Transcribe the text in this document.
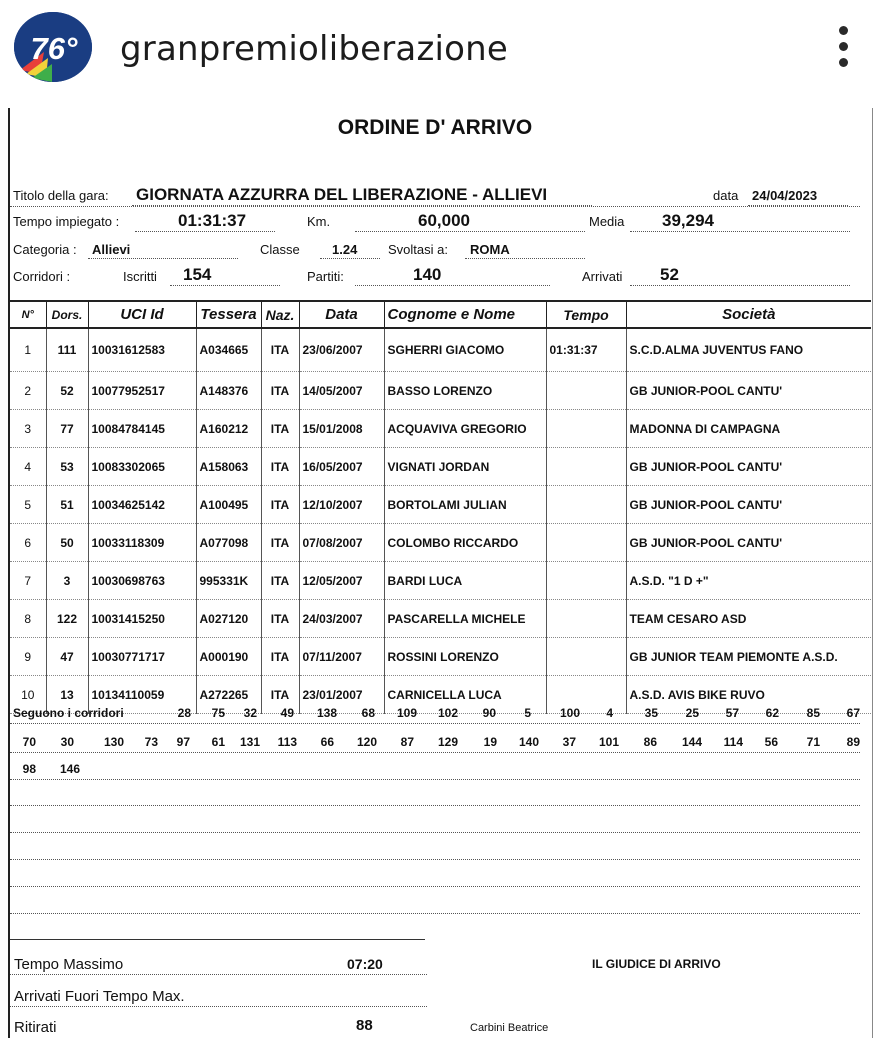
76° granpremioliberazione
ORDINE D' ARRIVO
Titolo della gara: GIORNATA AZZURRA DEL LIBERAZIONE - ALLIEVI	data 24/04/2023
Tempo impiegato :	01:31:37	Km.	60,000	Media 39,294
Categoria : Allievi	Classe 1.24 Svoltasi a: ROMA
Corridori :	Iscritti 154	Partiti:	140	Arrivati 52
N°	Dors.	UCI Id	Tessera	Naz.	Data	Cognome e Nome	Tempo	Società
1	111	10031612583	A034665	ITA	23/06/2007	SGHERRI GIACOMO	01:31:37	S.C.D.ALMA JUVENTUS FANO
2	52	10077952517	A148376	ITA	14/05/2007	BASSO LORENZO		GB JUNIOR-POOL CANTU'
3	77	10084784145	A160212	ITA	15/01/2008	ACQUAVIVA GREGORIO		MADONNA DI CAMPAGNA
4	53	10083302065	A158063	ITA	16/05/2007	VIGNATI JORDAN		GB JUNIOR-POOL CANTU'
5	51	10034625142	A100495	ITA	12/10/2007	BORTOLAMI JULIAN		GB JUNIOR-POOL CANTU'
6	50	10033118309	A077098	ITA	07/08/2007	COLOMBO RICCARDO		GB JUNIOR-POOL CANTU'
7	3	10030698763	995331K	ITA	12/05/2007	BARDI LUCA		A.S.D. "1 D +"
8	122	10031415250	A027120	ITA	24/03/2007	PASCARELLA MICHELE		TEAM CESARO ASD
9	47	10030771717	A000190	ITA	07/11/2007	ROSSINI LORENZO		GB JUNIOR TEAM PIEMONTE A.S.D.
10	13	10134110059	A272265	ITA	23/01/2007	CARNICELLA LUCA		A.S.D. AVIS BIKE RUVO
Seguono i corridori	28	75	32	49	138	68	109	102	90	5	100	4	35	25	57	62	85	67
70	30	130	73	97	61	131	113	66	120	87	129	19	140	37	101	86	144	114	56	71	89
98	146
Tempo Massimo	07:20	IL GIUDICE DI ARRIVO
Arrivati Fuori Tempo Max.
Ritirati	88	Carbini Beatrice
